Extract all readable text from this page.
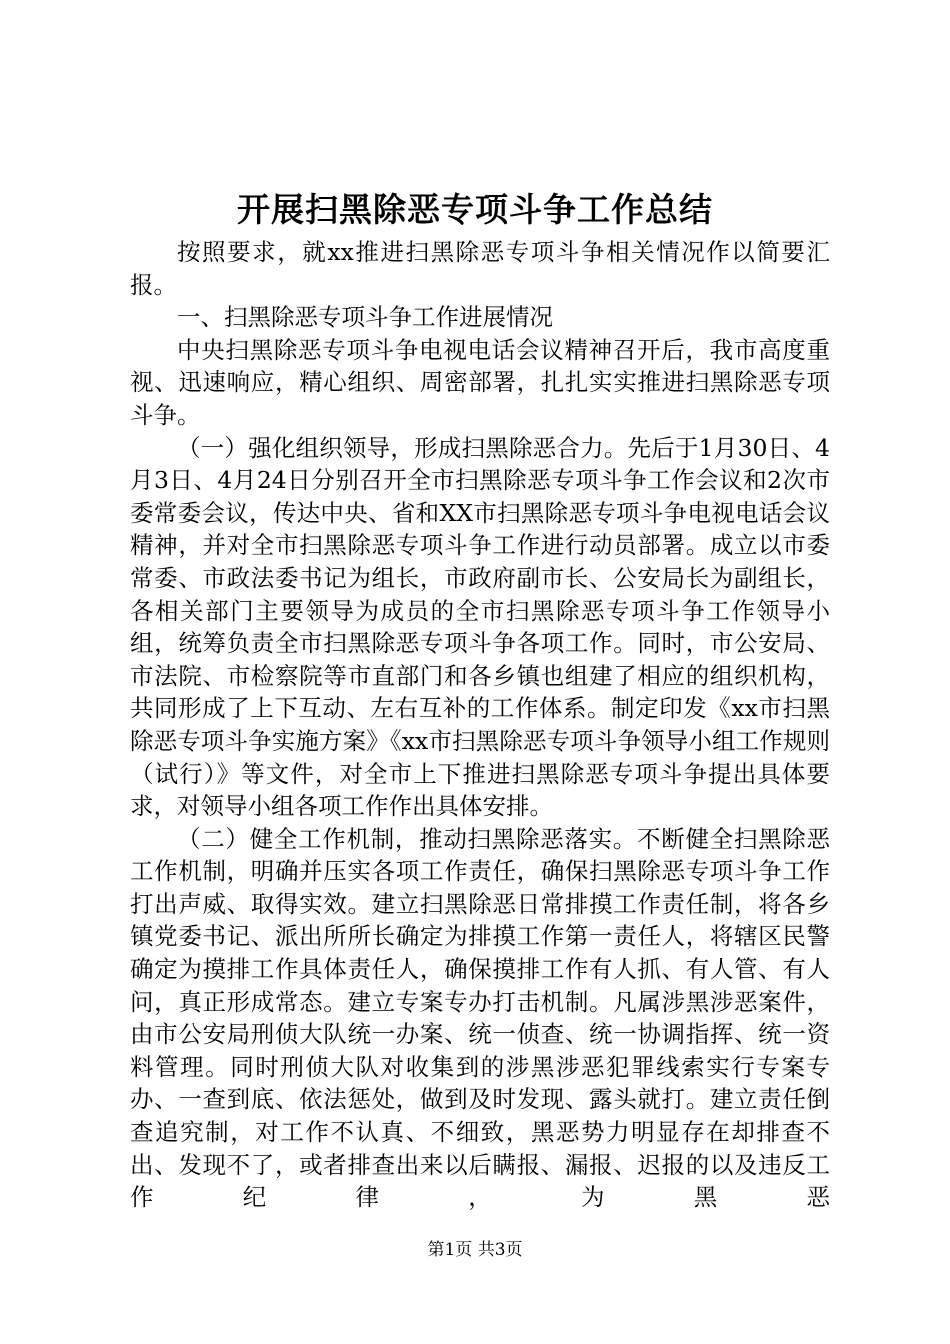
开展扫黑除恶专项斗争工作总结

按照要求，就xx推进扫黑除恶专项斗争相关情况作以简要汇报。

一、扫黑除恶专项斗争工作进展情况

中央扫黑除恶专项斗争电视电话会议精神召开后，我市高度重视、迅速响应，精心组织、周密部署，扎扎实实推进扫黑除恶专项斗争。

（一）强化组织领导，形成扫黑除恶合力。先后于1月30日、4月3日、4月24日分别召开全市扫黑除恶专项斗争工作会议和2次市委常委会议，传达中央、省和XX市扫黑除恶专项斗争电视电话会议精神，并对全市扫黑除恶专项斗争工作进行动员部署。成立以市委常委、市政法委书记为组长，市政府副市长、公安局长为副组长，各相关部门主要领导为成员的全市扫黑除恶专项斗争工作领导小组，统筹负责全市扫黑除恶专项斗争各项工作。同时，市公安局、市法院、市检察院等市直部门和各乡镇也组建了相应的组织机构，共同形成了上下互动、左右互补的工作体系。制定印发《xx市扫黑除恶专项斗争实施方案》《xx市扫黑除恶专项斗争领导小组工作规则（试行）》等文件，对全市上下推进扫黑除恶专项斗争提出具体要求，对领导小组各项工作作出具体安排。

（二）健全工作机制，推动扫黑除恶落实。不断健全扫黑除恶工作机制，明确并压实各项工作责任，确保扫黑除恶专项斗争工作打出声威、取得实效。建立扫黑除恶日常排摸工作责任制，将各乡镇党委书记、派出所所长确定为排摸工作第一责任人，将辖区民警确定为摸排工作具体责任人，确保摸排工作有人抓、有人管、有人问，真正形成常态。建立专案专办打击机制。凡属涉黑涉恶案件，由市公安局刑侦大队统一办案、统一侦查、统一协调指挥、统一资料管理。同时刑侦大队对收集到的涉黑涉恶犯罪线索实行专案专办、一查到底、依法惩处，做到及时发现、露头就打。建立责任倒查追究制，对工作不认真、不细致，黑恶势力明显存在却排查不出、发现不了，或者排查出来以后瞒报、漏报、迟报的以及违反工作纪律，为黑恶

第1页 共3页
